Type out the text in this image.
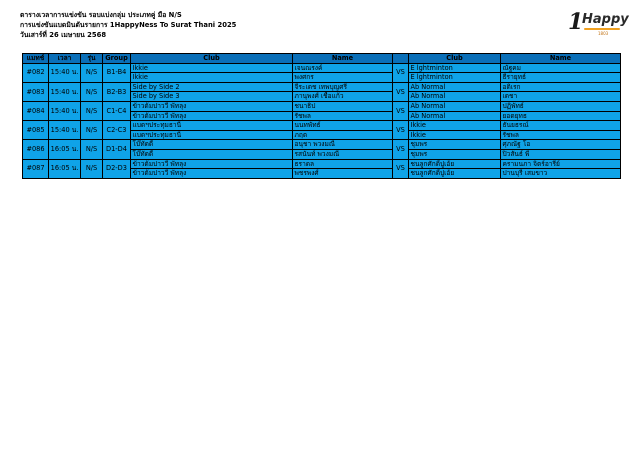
ตารางเวลาการแข่งขัน รอบแบ่งกลุ่ม ประเภทคู่ มือ N/S
การแข่งขันแบดมินตันรายการ 1HappyNess To Surat Thani 2025
วันเสาร์ที่ 26 เมษายน 2568	1
Happy
1803
แมทช์	เวลา	รุ่น	Group	Club	Name		Club	Name
#082	15:40 น.	N/S	B1-B4	Ikkie	เจนณรงค์	VS	E lghtminton	ณัฐคม
				Ikkie	พงศกร		E lghtminton	ธีรายุทธ์
#083	15:40 น.	N/S	B2-B3	Side by Side 2	จีระเดช เทพบุญศรี	VS	Ab Normal	อติเรก
				Side by Side 3	ภานุพงศ์ เชื้อแก้ว		Ab Normal	เดชา
#084	15:40 น.	N/S	C1-C4	ข้าวต้มปาววี พัทลุง	ชนาธิป	VS	Ab Normal	ปฏิพัทธ์
				ข้าวต้มปาววี พัทลุง	รัชพล		Ab Normal	ยอดยุทธ
#085	15:40 น.	N/S	C2-C3	แบดฯประทุมธานี	นนทพัทธ์	VS	Ikkie	ธันยธรณ์
				แบดฯประทุมธานี	ภฤต		Ikkie	รัชพล
#086	16:05 น.	N/S	D1-D4	โบ๊ทัดดี้	อนุชา พวงมณี	VS	ชุมพร	ศุภณัฐ โอ
				โบ๊ทัดดี้	รสนันท์ พวงมณี		ชุมพร	ปิวสันธ์ พี
#087	16:05 น.	N/S	D2-D3	ข้าวต้มปาววี พัทลุง	ธราดล	VS	ชนลูกศักดิ์ปูเอ้ย	ครามนภา จิตร์อารีย์
				ข้าวต้มปาววี พัทลุง	พชรพงศ์		ชนลูกศักดิ์ปูเอ้ย	ปานบุรี เสมขาว
